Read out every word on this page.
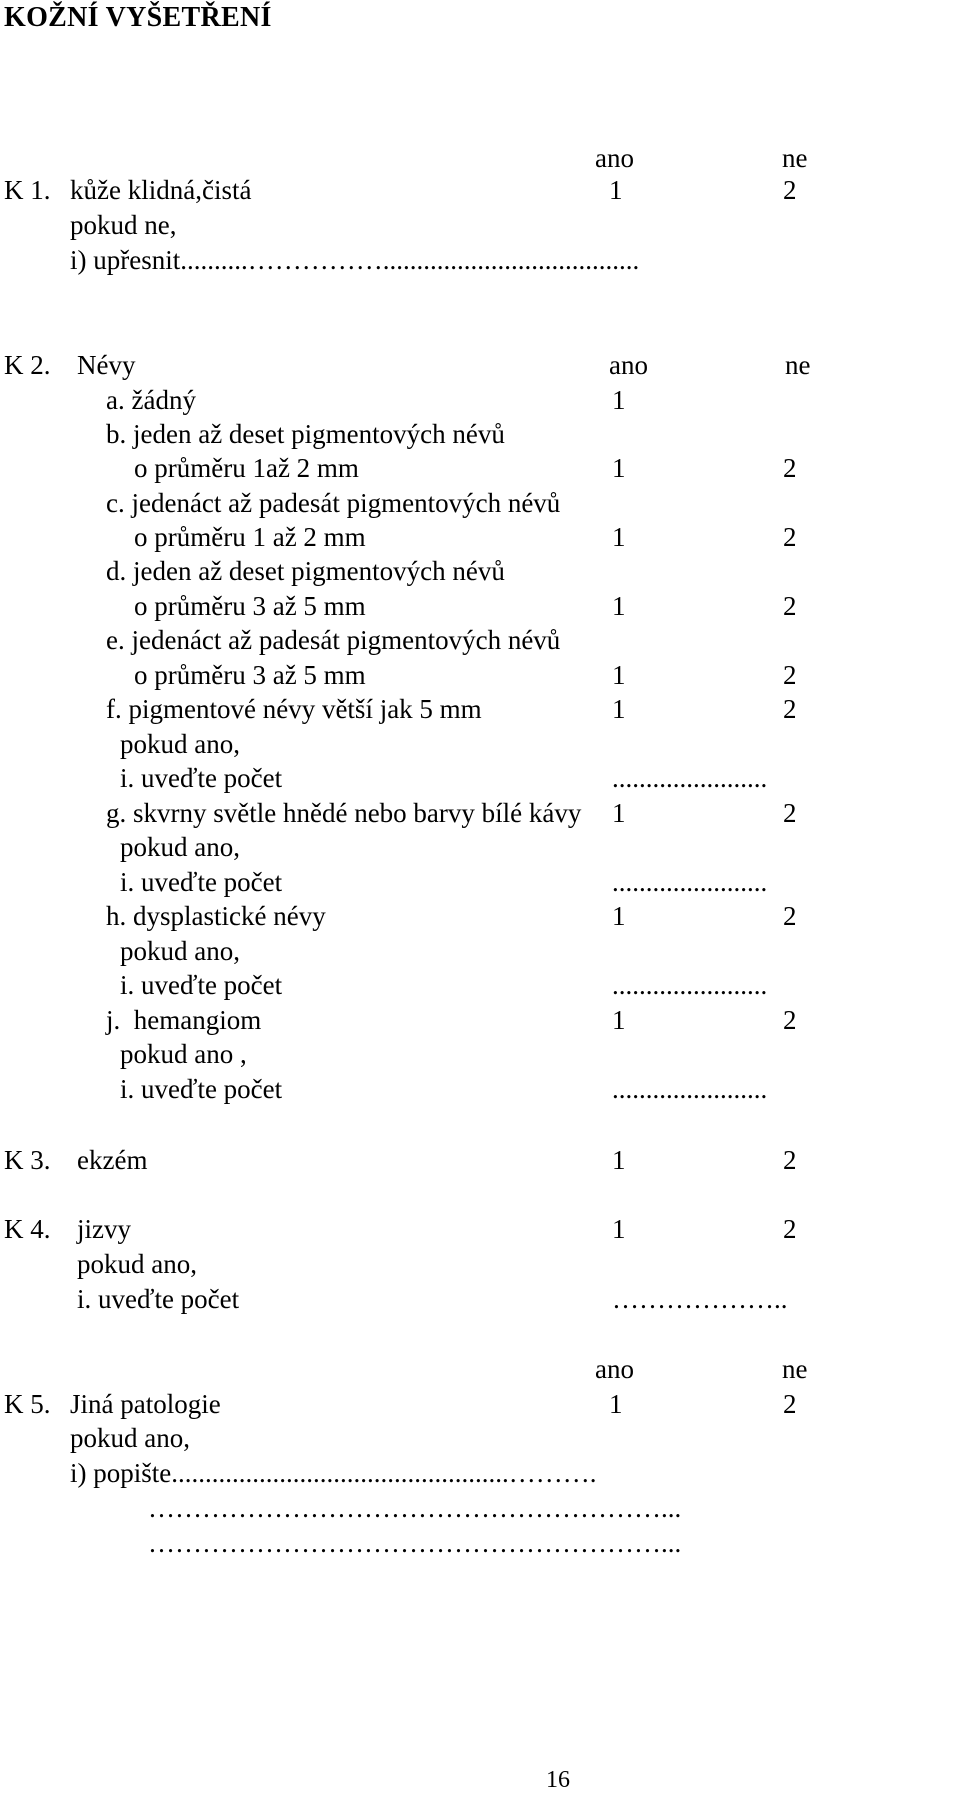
KOŽNÍ VYŠETŘENÍ
ano	ne
K 1. kůže klidná,čistá	1	2
pokud ne,
i) upřesnit..........……………......................................
K 2. Névy	ano	ne
a. žádný	1
b. jeden až deset pigmentových névů
o průměru 1až 2 mm	1	2
c. jedenáct až padesát pigmentových névů
o průměru 1 až 2 mm	1	2
d. jeden až deset pigmentových névů
o průměru 3 až 5 mm	1	2
e. jedenáct až padesát pigmentových névů
o průměru 3 až 5 mm	1	2
f. pigmentové névy větší jak 5 mm	1	2
pokud ano,
i. uveďte počet	.......................
g. skvrny světle hnědé nebo barvy bílé kávy 1	2
pokud ano,
i. uveďte počet	.......................
h. dysplastické névy	1	2
pokud ano,
i. uveďte počet	.......................
j.  hemangiom	1	2
pokud ano ,
i. uveďte počet	.......................
K 3. ekzém	1	2
K 4. jizvy	1	2
pokud ano,
i. uveďte počet	………………..
ano	ne
K 5. Jiná patologie	1	2
pokud ano,
i) popište..................................................……….
…………………………………………………...
…………………………………………………...
16
